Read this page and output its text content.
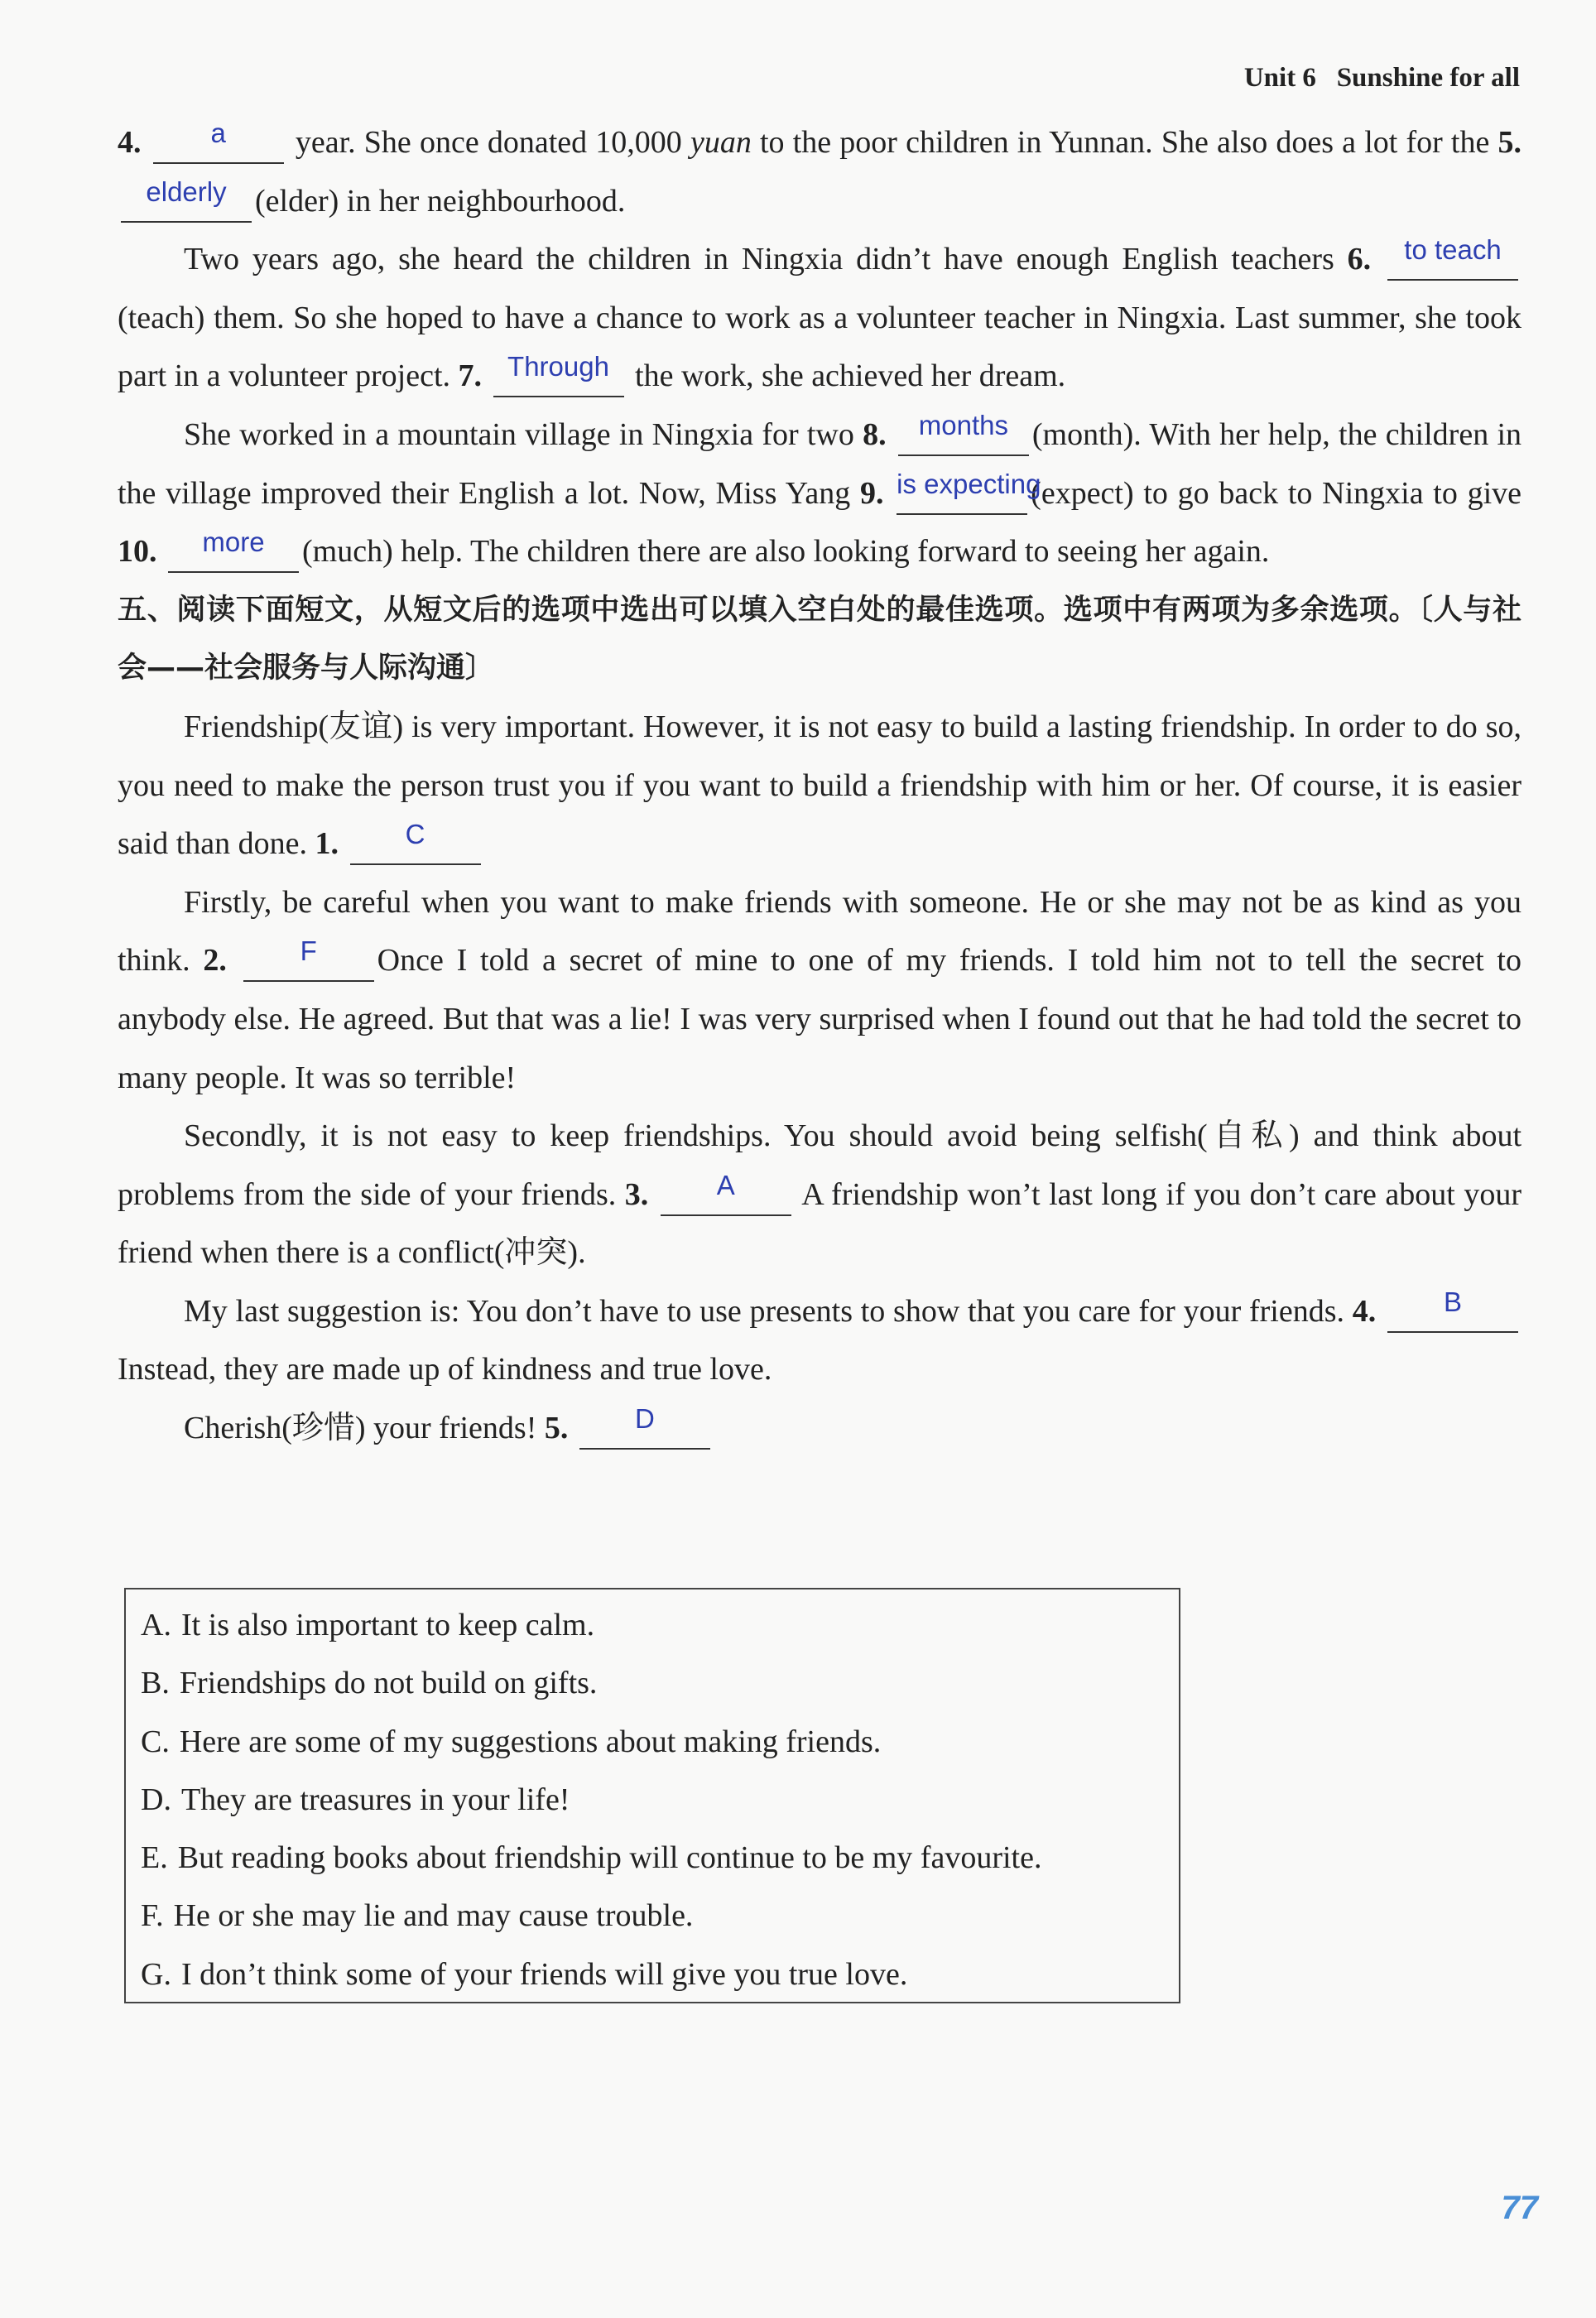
Unit 6 Sunshine for all

4.	a year. She once donated 10,000 yuan to the poor children in Yunnan. She also does a lot for the 5. elderly (elder) in her neighbourhood.

Two years ago, she heard the children in Ningxia didn’t have enough English teachers 6. to teach(teach) them. So she hoped to have a chance to work as a volunteer teacher in Ningxia. Last summer, she took part in a volunteer project. 7. Through the work, she achieved her dream.

She worked in a mountain village in Ningxia for two 8. months (month). With her help, the children in the village improved their English a lot. Now, Miss Yang 9. is expecting(expect) to go back to Ningxia to give 10. more (much) help. The children there are also looking forward to seeing her again.

五、阅读下面短文，从短文后的选项中选出可以填入空白处的最佳选项。选项中有两项为多余选项。〔人与社会——社会服务与人际沟通〕

Friendship(友谊) is very important. However, it is not easy to build a lasting friendship. In order to do so, you need to make the person trust you if you want to build a friendship with him or her. Of course, it is easier said than done. 1. C

Firstly, be careful when you want to make friends with someone. He or she may not be as kind as you think. 2.	F Once I told a secret of mine to one of my friends. I told him not to tell the secret to anybody else. He agreed. But that was a lie! I was very surprised when I found out that he had told the secret to many people. It was so terrible!

Secondly, it is not easy to keep friendships. You should avoid being selfish(自私) and think about problems from the side of your friends. 3.	A A friendship won’t last long if you don’t care about your friend when there is a conflict(冲突).

My last suggestion is: You don’t have to use presents to show that you care for your friends. 4. B Instead, they are made up of kindness and true love.

Cherish(珍惜) your friends! 5. D

A. It is also important to keep calm.
B. Friendships do not build on gifts.
C. Here are some of my suggestions about making friends.
D. They are treasures in your life!
E. But reading books about friendship will continue to be my favourite.
F. He or she may lie and may cause trouble.
G. I don’t think some of your friends will give you true love.
77
